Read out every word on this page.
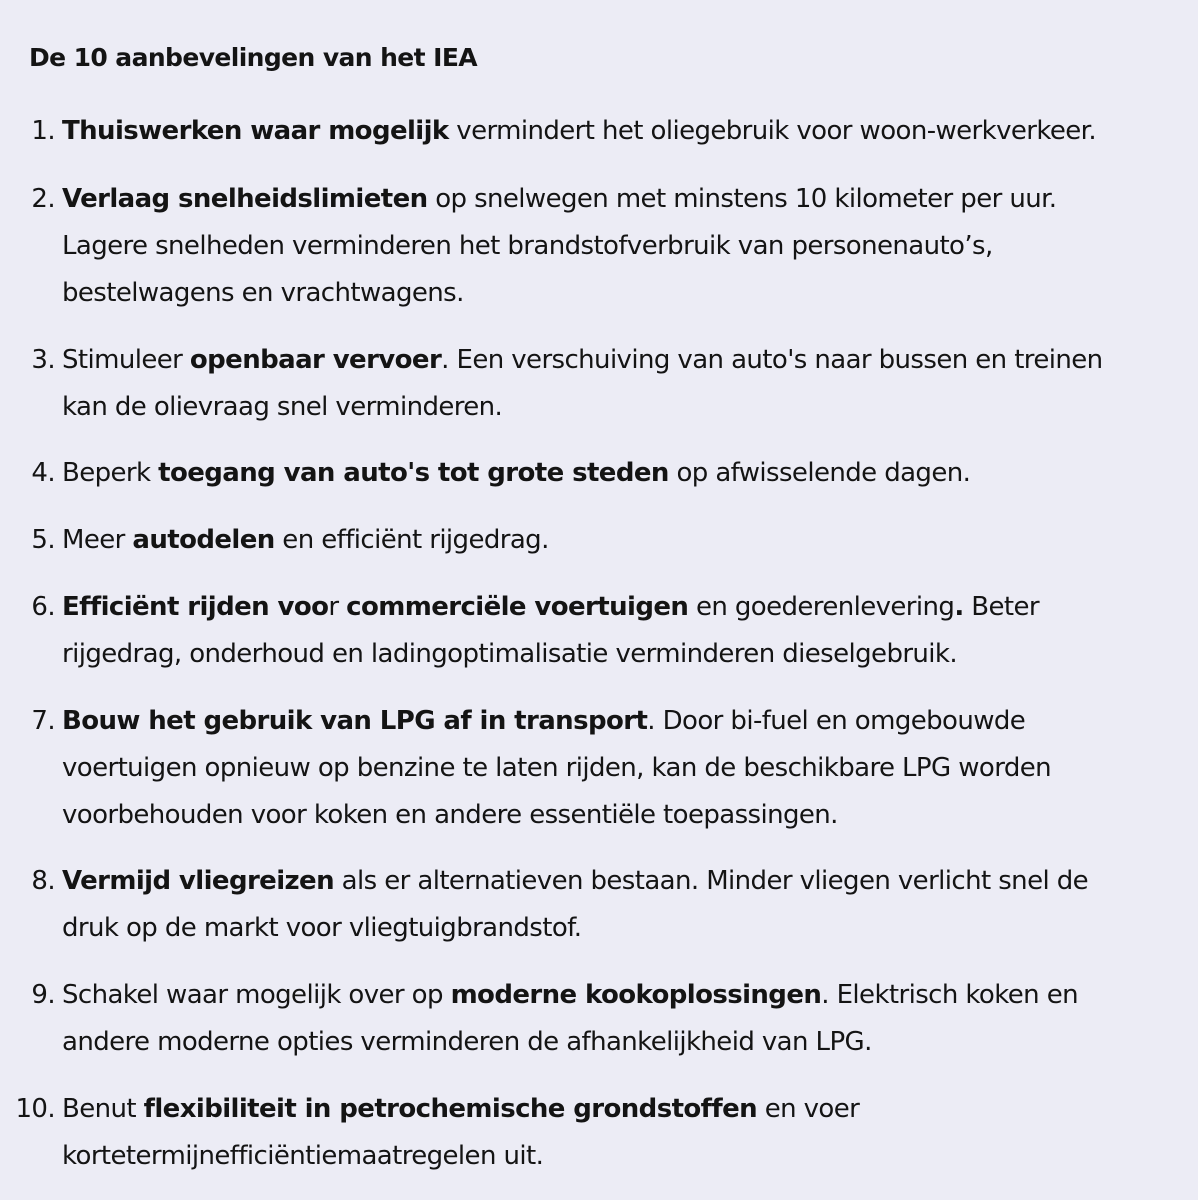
De 10 aanbevelingen van het IEA
1. Thuiswerken waar mogelijk vermindert het oliegebruik voor woon-werkverkeer.
2. Verlaag snelheidslimieten op snelwegen met minstens 10 kilometer per uur.
Lagere snelheden verminderen het brandstofverbruik van personenauto’s,
bestelwagens en vrachtwagens.
3. Stimuleer openbaar vervoer. Een verschuiving van auto's naar bussen en treinen
kan de olievraag snel verminderen.
4. Beperk toegang van auto's tot grote steden op afwisselende dagen.
5. Meer autodelen en efficiënt rijgedrag.
6. Efficiënt rijden voor commerciële voertuigen en goederenlevering. Beter
rijgedrag, onderhoud en ladingoptimalisatie verminderen dieselgebruik.
7. Bouw het gebruik van LPG af in transport. Door bi-fuel en omgebouwde
voertuigen opnieuw op benzine te laten rijden, kan de beschikbare LPG worden
voorbehouden voor koken en andere essentiële toepassingen.
8. Vermijd vliegreizen als er alternatieven bestaan. Minder vliegen verlicht snel de
druk op de markt voor vliegtuigbrandstof.
9. Schakel waar mogelijk over op moderne kookoplossingen. Elektrisch koken en
andere moderne opties verminderen de afhankelijkheid van LPG.
10. Benut flexibiliteit in petrochemische grondstoffen en voer
kortetermijnefficiëntiemaatregelen uit.
